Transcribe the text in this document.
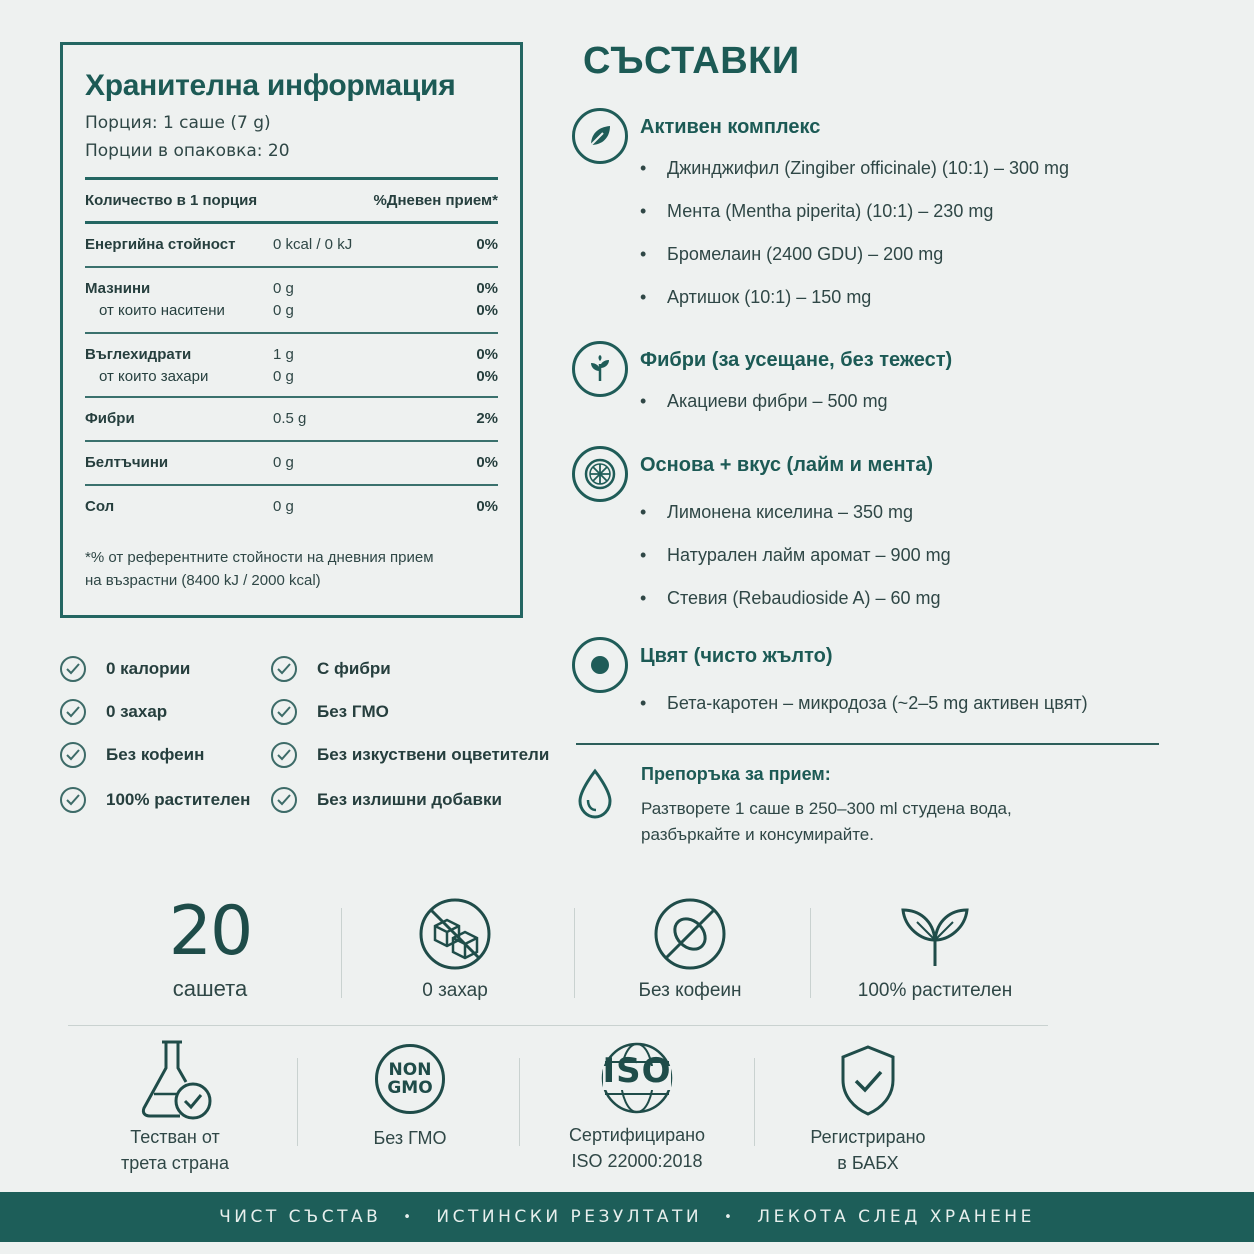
Хранителна информация
Порция: 1 саше (7 g)
Порции в опаковка: 20
Количество в 1 порция	%Дневен прием*
Енергийна стойност	0 kcal / 0 kJ	0%
Мазнини	0 g	0%
от които наситени	0 g	0%
Въглехидрати	1 g	0%
от които захари	0 g	0%
Фибри	0.5 g	2%
Белтъчини	0 g	0%
Сол	0 g	0%
*% от референтните стойности на дневния прием
на възрастни (8400 kJ / 2000 kcal)
0 калории	С фибри
0 захар	Без ГМО
Без кофеин	Без изкуствени оцветители
100% растителен	Без излишни добавки
СЪСТАВКИ
Активен комплекс
•	Джинджифил (Zingiber officinale) (10:1) – 300 mg
•	Мента (Mentha piperita) (10:1) – 230 mg
•	Бромелаин (2400 GDU) – 200 mg
•	Артишок (10:1) – 150 mg
Фибри (за усещане, без тежест)
•	Акациеви фибри – 500 mg
Основа + вкус (лайм и мента)
•	Лимонена киселина – 350 mg
•	Натурален лайм аромат – 900 mg
•	Стевия (Rebaudioside A) – 60 mg
Цвят (чисто жълто)
•	Бета-каротен – микродоза (~2–5 mg активен цвят)
Препоръка за прием:
Разтворете 1 саше в 250–300 ml студена вода,
разбъркайте и консумирайте.
20
сашета	0 захар	Без кофеин	100% растителен
Тестван от
трета страна
NON
GMO
Без ГМО
ISO
Сертифицирано
ISO 22000:2018
Регистрирано
в БАБХ
ЧИСТ СЪСТАВ • ИСТИНСКИ РЕЗУЛТАТИ • ЛЕКОТА СЛЕД ХРАНЕНЕ
